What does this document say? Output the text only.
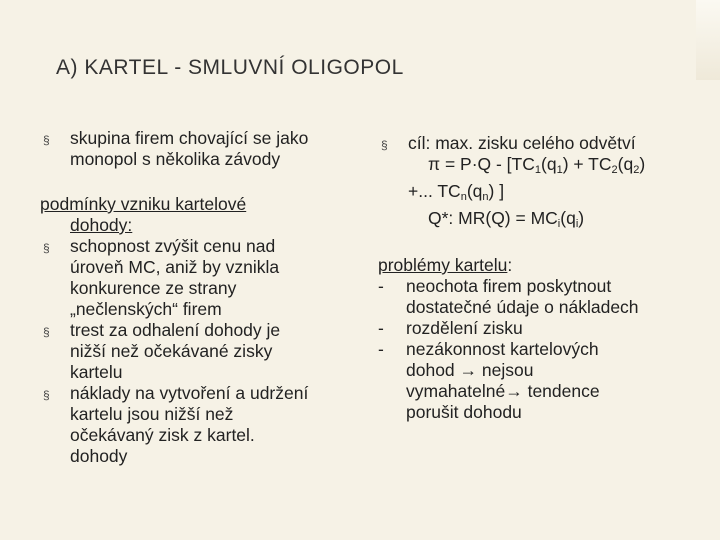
A) KARTEL - SMLUVNÍ OLIGOPOL
§ skupina firem chovající se jako
monopol s několika závody
podmínky vzniku kartelové
dohody:
§ schopnost zvýšit cenu nad
úroveň MC, aniž by vznikla
konkurence ze strany
„nečlenských“ firem
§ trest za odhalení dohody je
nižší než očekávané zisky
kartelu
§ náklady na vytvoření a udržení
kartelu jsou nižší než
očekávaný zisk z kartel.
dohody
§ cíl: max. zisku celého odvětví
$\pi = P\cdot Q - [TC_1(q_1) + TC_2(q_2)$
+... $TC_n(q_n)$ ]
Q*: $MR(Q) = MC_i(q_i)$
problémy kartelu:
- neochota firem poskytnout
dostatečné údaje o nákladech
- rozdělení zisku
- nezákonnost kartelových
dohod → nejsou
vymahatelné→ tendence
porušit dohodu
